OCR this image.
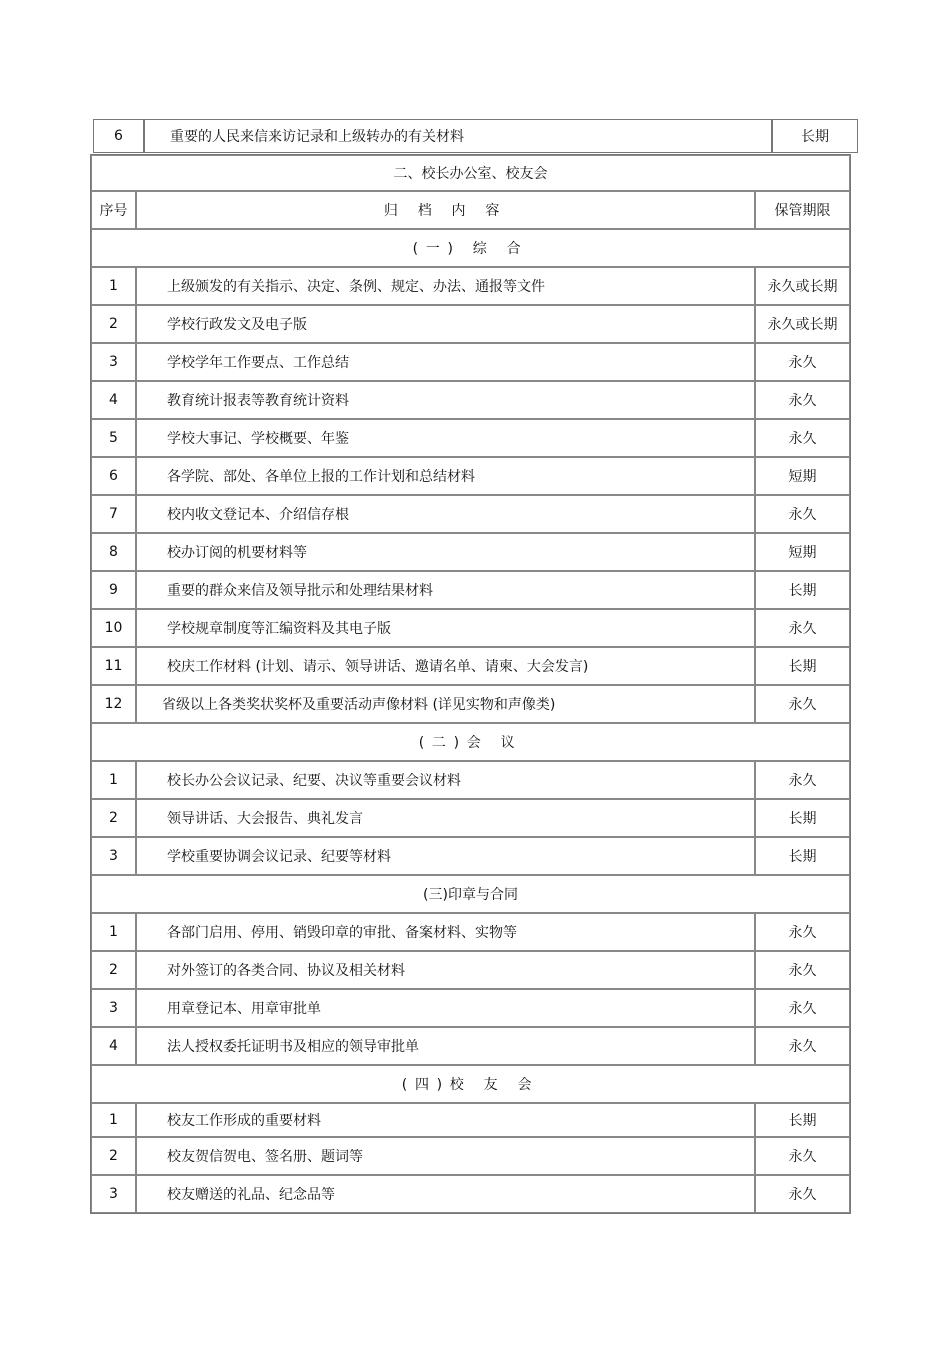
6	重要的人民来信来访记录和上级转办的有关材料	长期
二、校长办公室、校友会
序号	归 档 内 容	保管期限
(一) 综 合
1	上级颁发的有关指示、决定、条例、规定、办法、通报等文件	永久或长期
2	学校行政发文及电子版	永久或长期
3	学校学年工作要点、工作总结	永久
4	教育统计报表等教育统计资料	永久
5	学校大事记、学校概要、年鉴	永久
6	各学院、部处、各单位上报的工作计划和总结材料	短期
7	校内收文登记本、介绍信存根	永久
8	校办订阅的机要材料等	短期
9	重要的群众来信及领导批示和处理结果材料	长期
10	学校规章制度等汇编资料及其电子版	永久
11	校庆工作材料 (计划、请示、领导讲话、邀请名单、请柬、大会发言)	长期
12	省级以上各类奖状奖杯及重要活动声像材料 (详见实物和声像类)	永久
(二)会 议
1	校长办公会议记录、纪要、决议等重要会议材料	永久
2	领导讲话、大会报告、典礼发言	长期
3	学校重要协调会议记录、纪要等材料	长期
(三)印章与合同
1	各部门启用、停用、销毁印章的审批、备案材料、实物等	永久
2	对外签订的各类合同、协议及相关材料	永久
3	用章登记本、用章审批单	永久
4	法人授权委托证明书及相应的领导审批单	永久
(四)校 友 会
1	校友工作形成的重要材料	长期
2	校友贺信贺电、签名册、题词等	永久
3	校友赠送的礼品、纪念品等	永久
